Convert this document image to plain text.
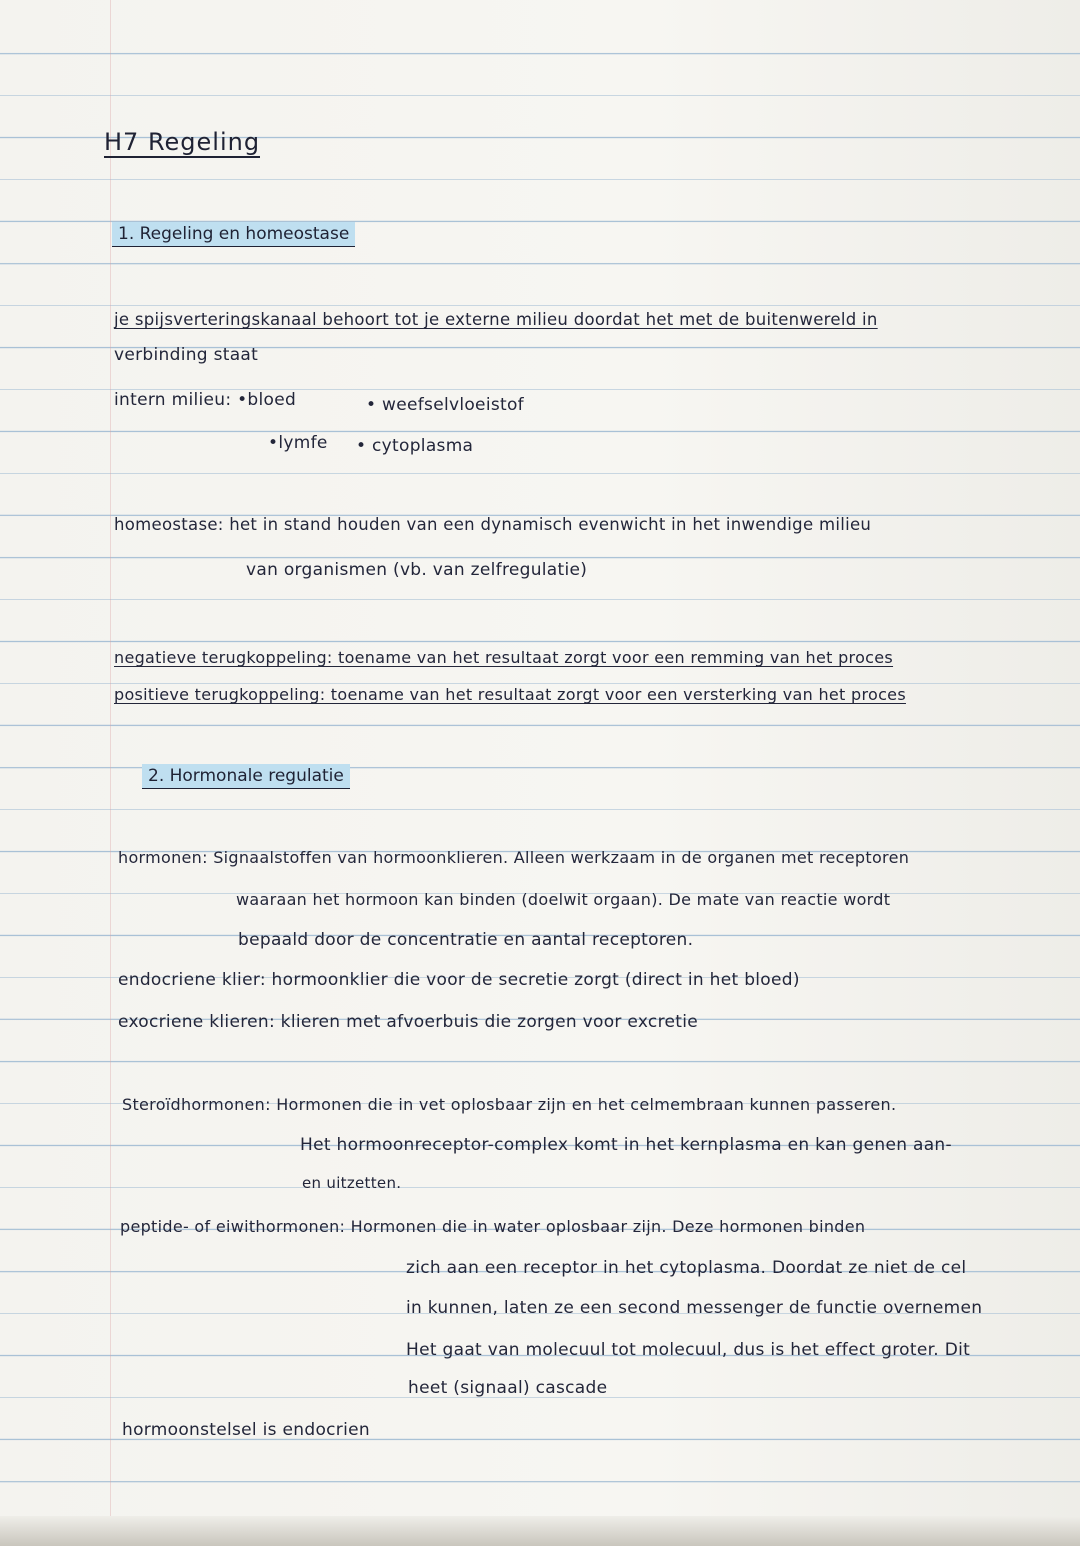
H7 Regeling
1. Regeling en homeostase
je spijsverteringskanaal behoort tot je externe milieu doordat het met de buitenwereld in
verbinding staat
intern milieu: •bloed	• weefselvloeistof
•lymfe • cytoplasma
homeostase: het in stand houden van een dynamisch evenwicht in het inwendige milieu
van organismen (vb. van zelfregulatie)
negatieve terugkoppeling: toename van het resultaat zorgt voor een remming van het proces
positieve terugkoppeling: toename van het resultaat zorgt voor een versterking van het proces
2. Hormonale regulatie
hormonen: Signaalstoffen van hormoonklieren. Alleen werkzaam in de organen met receptoren
waaraan het hormoon kan binden (doelwit orgaan). De mate van reactie wordt
bepaald door de concentratie en aantal receptoren.
endocriene klier: hormoonklier die voor de secretie zorgt (direct in het bloed)
exocriene klieren: klieren met afvoerbuis die zorgen voor excretie
Steroïdhormonen: Hormonen die in vet oplosbaar zijn en het celmembraan kunnen passeren.
Het hormoonreceptor-complex komt in het kernplasma en kan genen aan-
en uitzetten.
peptide- of eiwithormonen: Hormonen die in water oplosbaar zijn. Deze hormonen binden
zich aan een receptor in het cytoplasma. Doordat ze niet de cel
in kunnen, laten ze een second messenger de functie overnemen
Het gaat van molecuul tot molecuul, dus is het effect groter. Dit
heet (signaal) cascade
hormoonstelsel is endocrien
